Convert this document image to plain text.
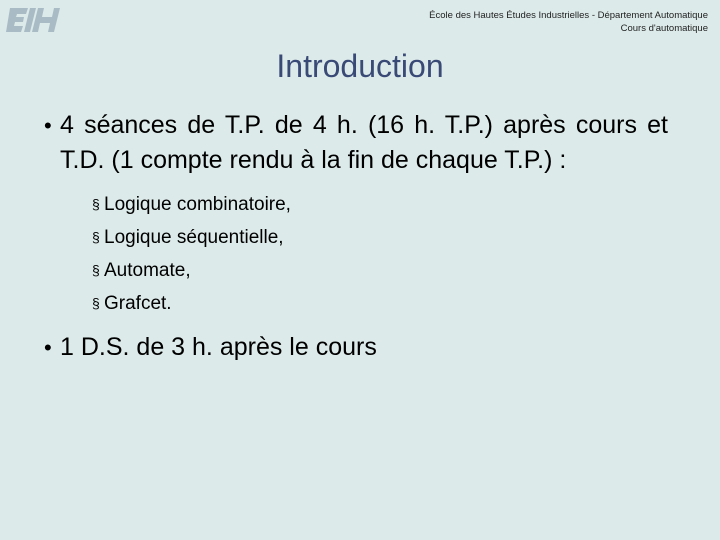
École des Hautes Études Industrielles - Département Automatique
Cours d'automatique
Introduction
• 4 séances de T.P. de 4 h. (16 h. T.P.) après cours et T.D. (1 compte rendu à la fin de chaque T.P.) :
§ Logique combinatoire,
§ Logique séquentielle,
§ Automate,
§ Grafcet.
• 1 D.S. de 3 h. après le cours
